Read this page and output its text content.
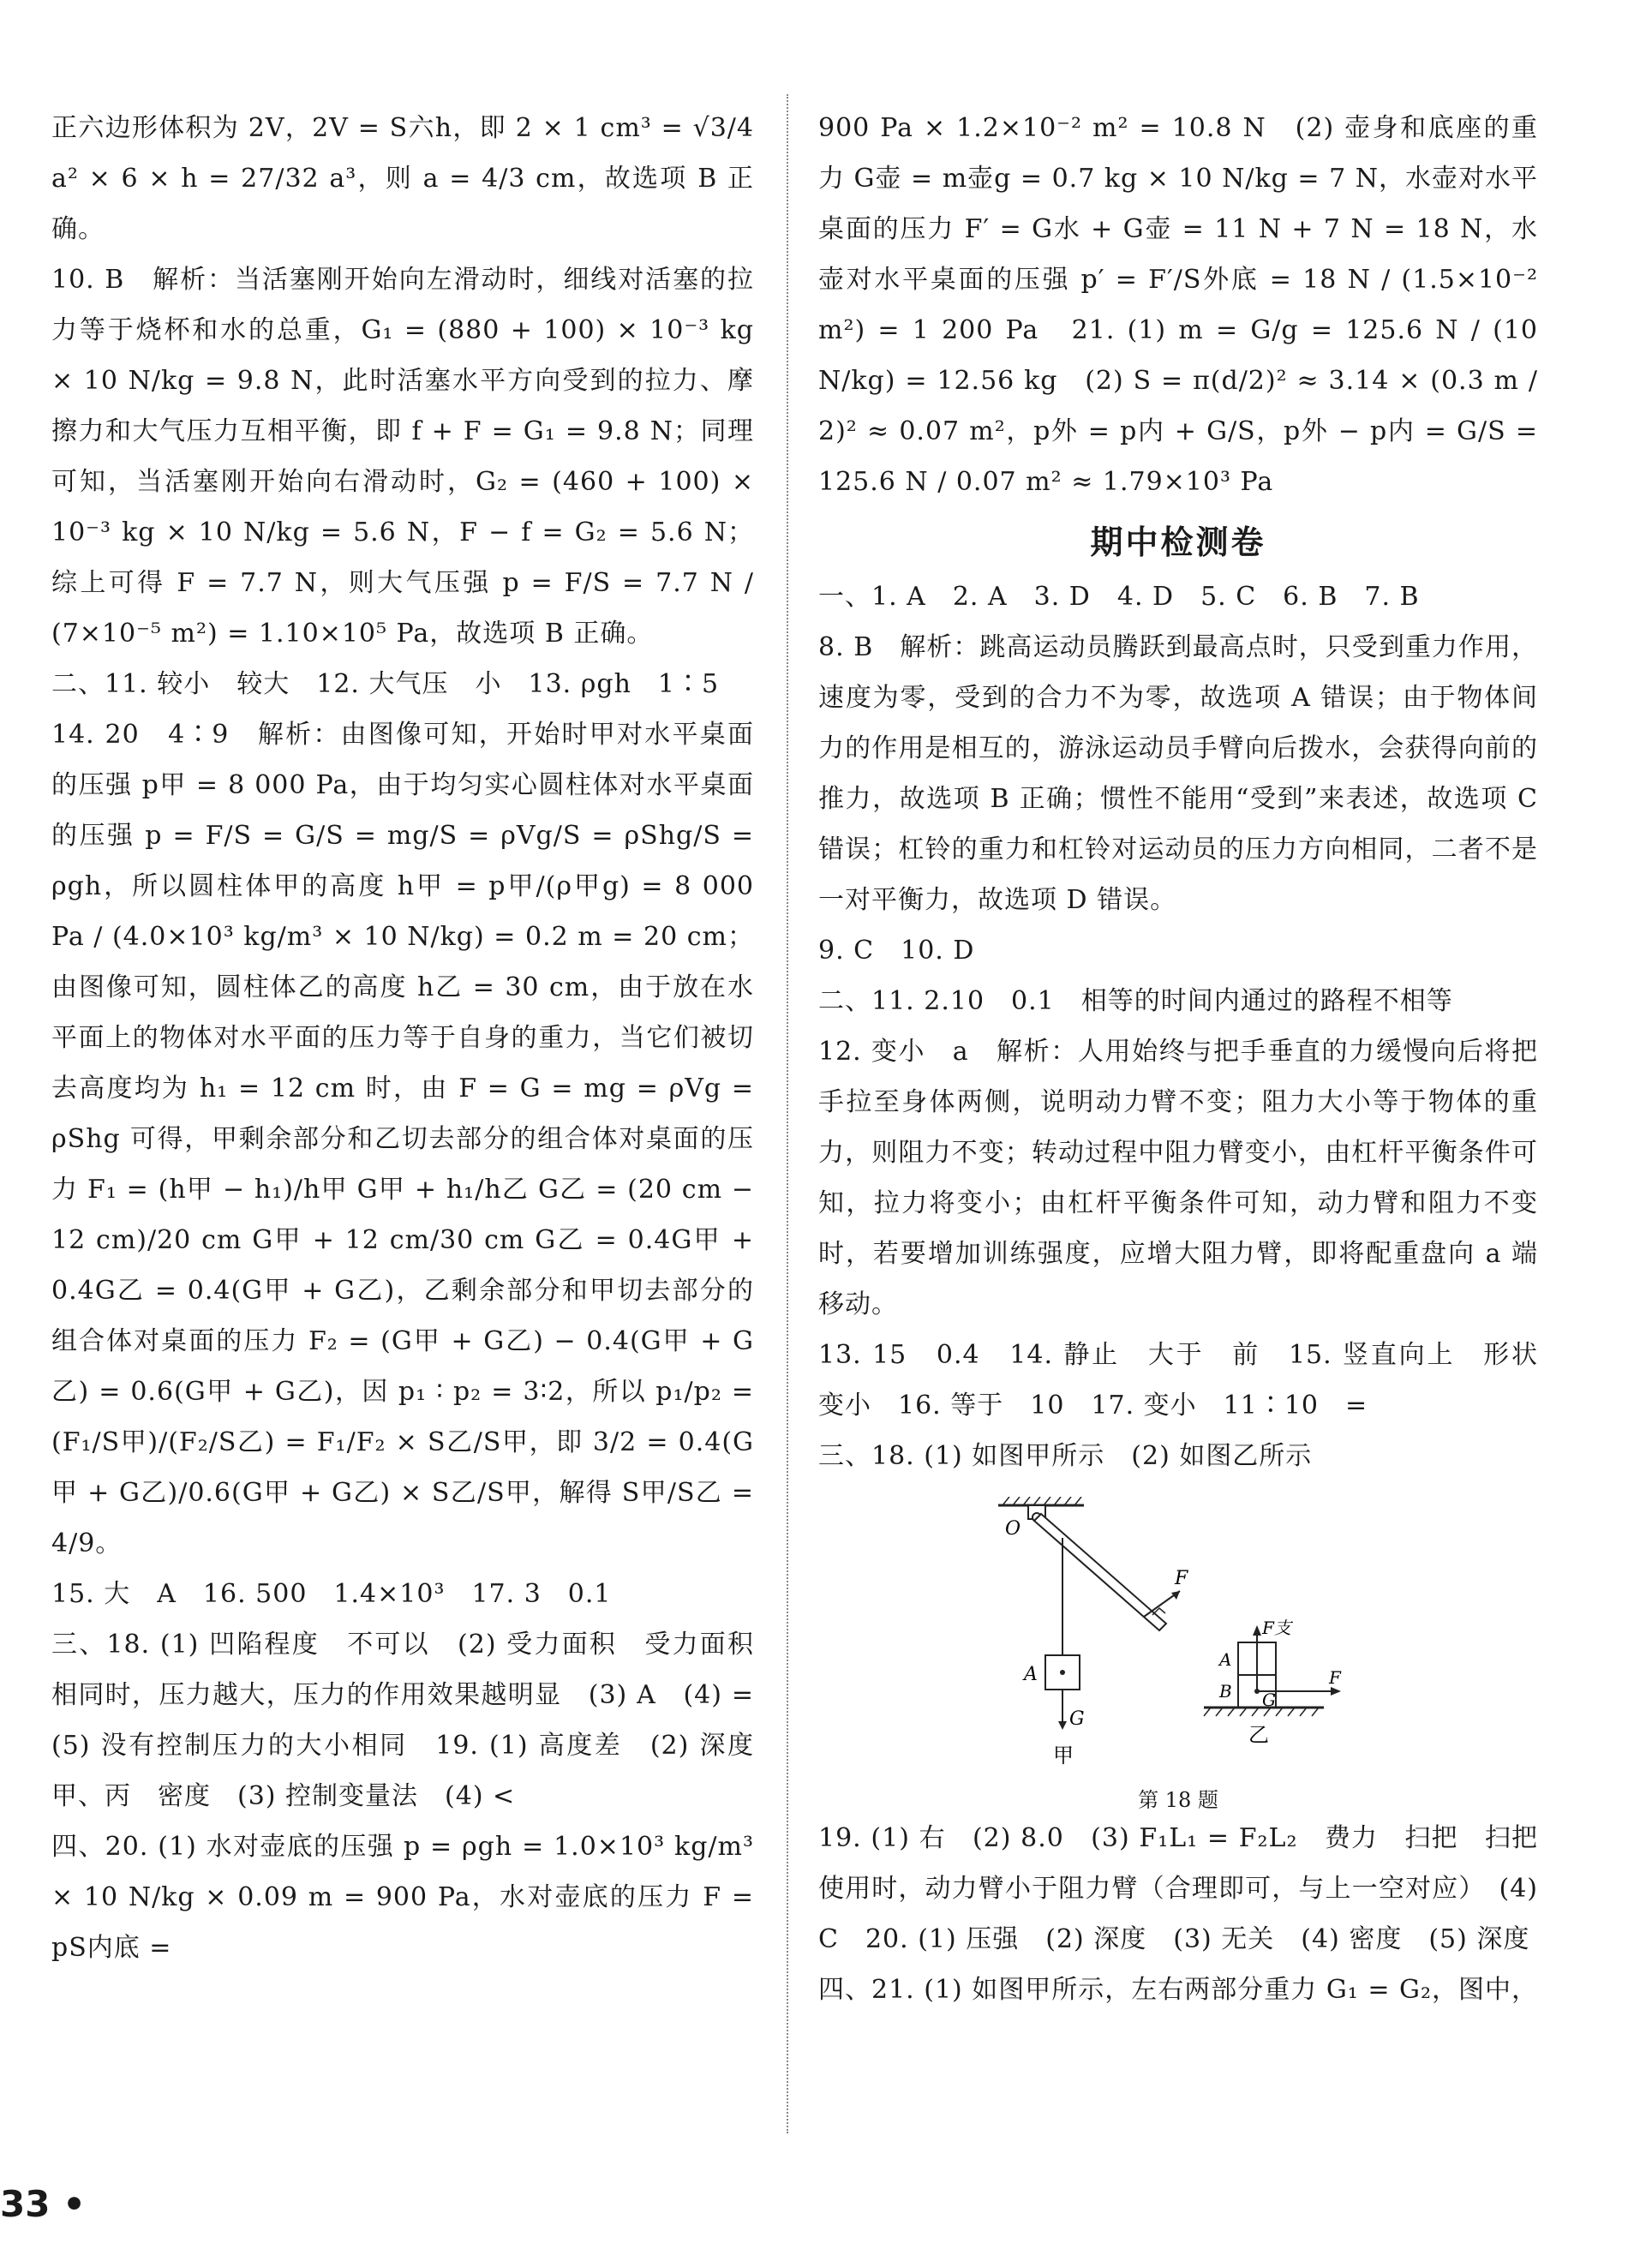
正六边形体积为 2V，2V = S六h，即 2 × 1 cm³ = √3/4 a² × 6 × h = 27/32 a³，则 a = 4/3 cm，故选项 B 正确。

10. B　解析：当活塞刚开始向左滑动时，细线对活塞的拉力等于烧杯和水的总重，G₁ = (880 + 100) × 10⁻³ kg × 10 N/kg = 9.8 N，此时活塞水平方向受到的拉力、摩擦力和大气压力互相平衡，即 f + F = G₁ = 9.8 N；同理可知，当活塞刚开始向右滑动时，G₂ = (460 + 100) × 10⁻³ kg × 10 N/kg = 5.6 N，F − f = G₂ = 5.6 N；综上可得 F = 7.7 N，则大气压强 p = F/S = 7.7 N / (7×10⁻⁵ m²) = 1.10×10⁵ Pa，故选项 B 正确。

二、11. 较小　较大　12. 大气压　小　13. ρgh　1∶5

14. 20　4∶9　解析：由图像可知，开始时甲对水平桌面的压强 p甲 = 8 000 Pa，由于均匀实心圆柱体对水平桌面的压强 p = F/S = G/S = mg/S = ρVg/S = ρShg/S = ρgh，所以圆柱体甲的高度 h甲 = p甲/(ρ甲g) = 8 000 Pa / (4.0×10³ kg/m³ × 10 N/kg) = 0.2 m = 20 cm；由图像可知，圆柱体乙的高度 h乙 = 30 cm，由于放在水平面上的物体对水平面的压力等于自身的重力，当它们被切去高度均为 h₁ = 12 cm 时，由 F = G = mg = ρVg = ρShg 可得，甲剩余部分和乙切去部分的组合体对桌面的压力 F₁ = (h甲 − h₁)/h甲 G甲 + h₁/h乙 G乙 = (20 cm − 12 cm)/20 cm G甲 + 12 cm/30 cm G乙 = 0.4G甲 + 0.4G乙 = 0.4(G甲 + G乙)，乙剩余部分和甲切去部分的组合体对桌面的压力 F₂ = (G甲 + G乙) − 0.4(G甲 + G乙) = 0.6(G甲 + G乙)，因 p₁ ∶ p₂ = 3∶2，所以 p₁/p₂ = (F₁/S甲)/(F₂/S乙) = F₁/F₂ × S乙/S甲，即 3/2 = 0.4(G甲 + G乙)/0.6(G甲 + G乙) × S乙/S甲，解得 S甲/S乙 = 4/9。

15. 大　A　16. 500　1.4×10³　17. 3　0.1

三、18. (1) 凹陷程度　不可以　(2) 受力面积　受力面积相同时，压力越大，压力的作用效果越明显　(3) A　(4) =　(5) 没有控制压力的大小相同　19. (1) 高度差　(2) 深度　甲、丙　密度　(3) 控制变量法　(4) <

四、20. (1) 水对壶底的压强 p = ρgh = 1.0×10³ kg/m³ × 10 N/kg × 0.09 m = 900 Pa，水对壶底的压力 F = pS内底 =

900 Pa × 1.2×10⁻² m² = 10.8 N　(2) 壶身和底座的重力 G壶 = m壶g = 0.7 kg × 10 N/kg = 7 N，水壶对水平桌面的压力 F′ = G水 + G壶 = 11 N + 7 N = 18 N，水壶对水平桌面的压强 p′ = F′/S外底 = 18 N / (1.5×10⁻² m²) = 1 200 Pa　21. (1) m = G/g = 125.6 N / (10 N/kg) = 12.56 kg　(2) S = π(d/2)² ≈ 3.14 × (0.3 m / 2)² ≈ 0.07 m²，p外 = p内 + G/S，p外 − p内 = G/S = 125.6 N / 0.07 m² ≈ 1.79×10³ Pa

期中检测卷

一、1. A　2. A　3. D　4. D　5. C　6. B　7. B

8. B　解析：跳高运动员腾跃到最高点时，只受到重力作用，速度为零，受到的合力不为零，故选项 A 错误；由于物体间力的作用是相互的，游泳运动员手臂向后拨水，会获得向前的推力，故选项 B 正确；惯性不能用“受到”来表述，故选项 C 错误；杠铃的重力和杠铃对运动员的压力方向相同，二者不是一对平衡力，故选项 D 错误。

9. C　10. D

二、11. 2.10　0.1　相等的时间内通过的路程不相等

12. 变小　a　解析：人用始终与把手垂直的力缓慢向后将把手拉至身体两侧，说明动力臂不变；阻力大小等于物体的重力，则阻力不变；转动过程中阻力臂变小，由杠杆平衡条件可知，拉力将变小；由杠杆平衡条件可知，动力臂和阻力不变时，若要增加训练强度，应增大阻力臂，即将配重盘向 a 端移动。

13. 15　0.4　14. 静止　大于　前　15. 竖直向上　形状　变小　16. 等于　10　17. 变小　11∶10　=

三、18. (1) 如图甲所示　(2) 如图乙所示

O
F
A
G
甲
F支
G
F
A
B
乙
第 18 题

19. (1) 右　(2) 8.0　(3) F₁L₁ = F₂L₂　费力　扫把　扫把使用时，动力臂小于阻力臂（合理即可，与上一空对应）　(4) C　20. (1) 压强　(2) 深度　(3) 无关　(4) 密度　(5) 深度

四、21. (1) 如图甲所示，左右两部分重力 G₁ = G₂，图中，

33 •
